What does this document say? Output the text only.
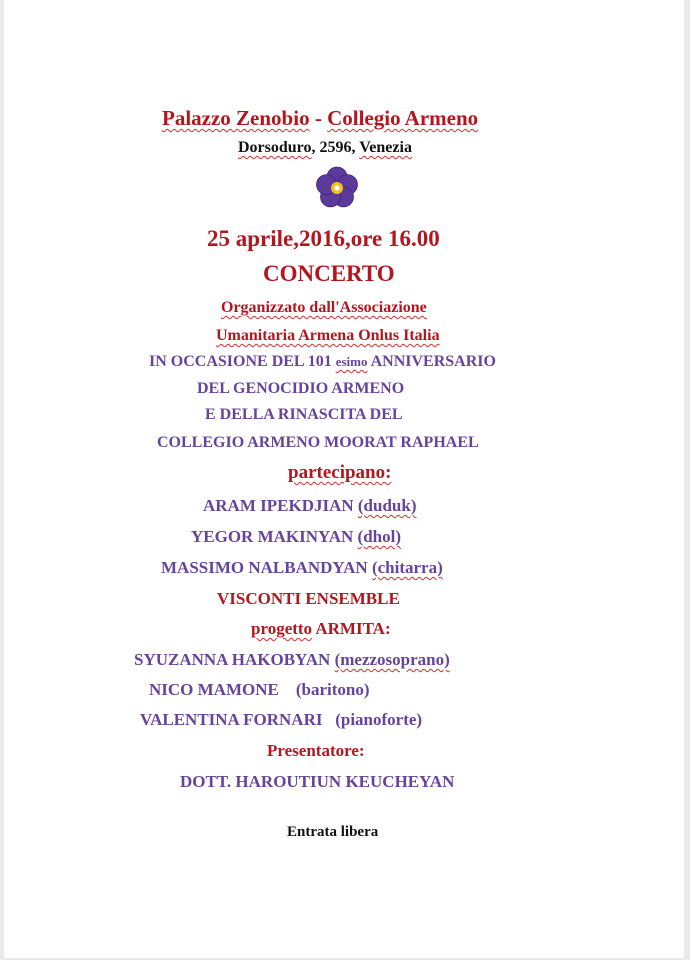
Palazzo Zenobio - Collegio Armeno
Dorsoduro, 2596, Venezia
25 aprile,2016,ore 16.00
CONCERTO
Organizzato dall'Associazione
Umanitaria Armena Onlus Italia
IN OCCASIONE DEL 101 esimo ANNIVERSARIO
DEL GENOCIDIO ARMENO
E DELLA RINASCITA DEL
COLLEGIO ARMENO MOORAT RAPHAEL
partecipano:
ARAM IPEKDJIAN (duduk)
YEGOR MAKINYAN (dhol)
MASSIMO NALBANDYAN (chitarra)
VISCONTI ENSEMBLE
progetto ARMITA:
SYUZANNA HAKOBYAN (mezzosoprano)
NICO MAMONE    (baritono)
VALENTINA FORNARI   (pianoforte)
Presentatore:
DOTT. HAROUTIUN KEUCHEYAN
Entrata libera
